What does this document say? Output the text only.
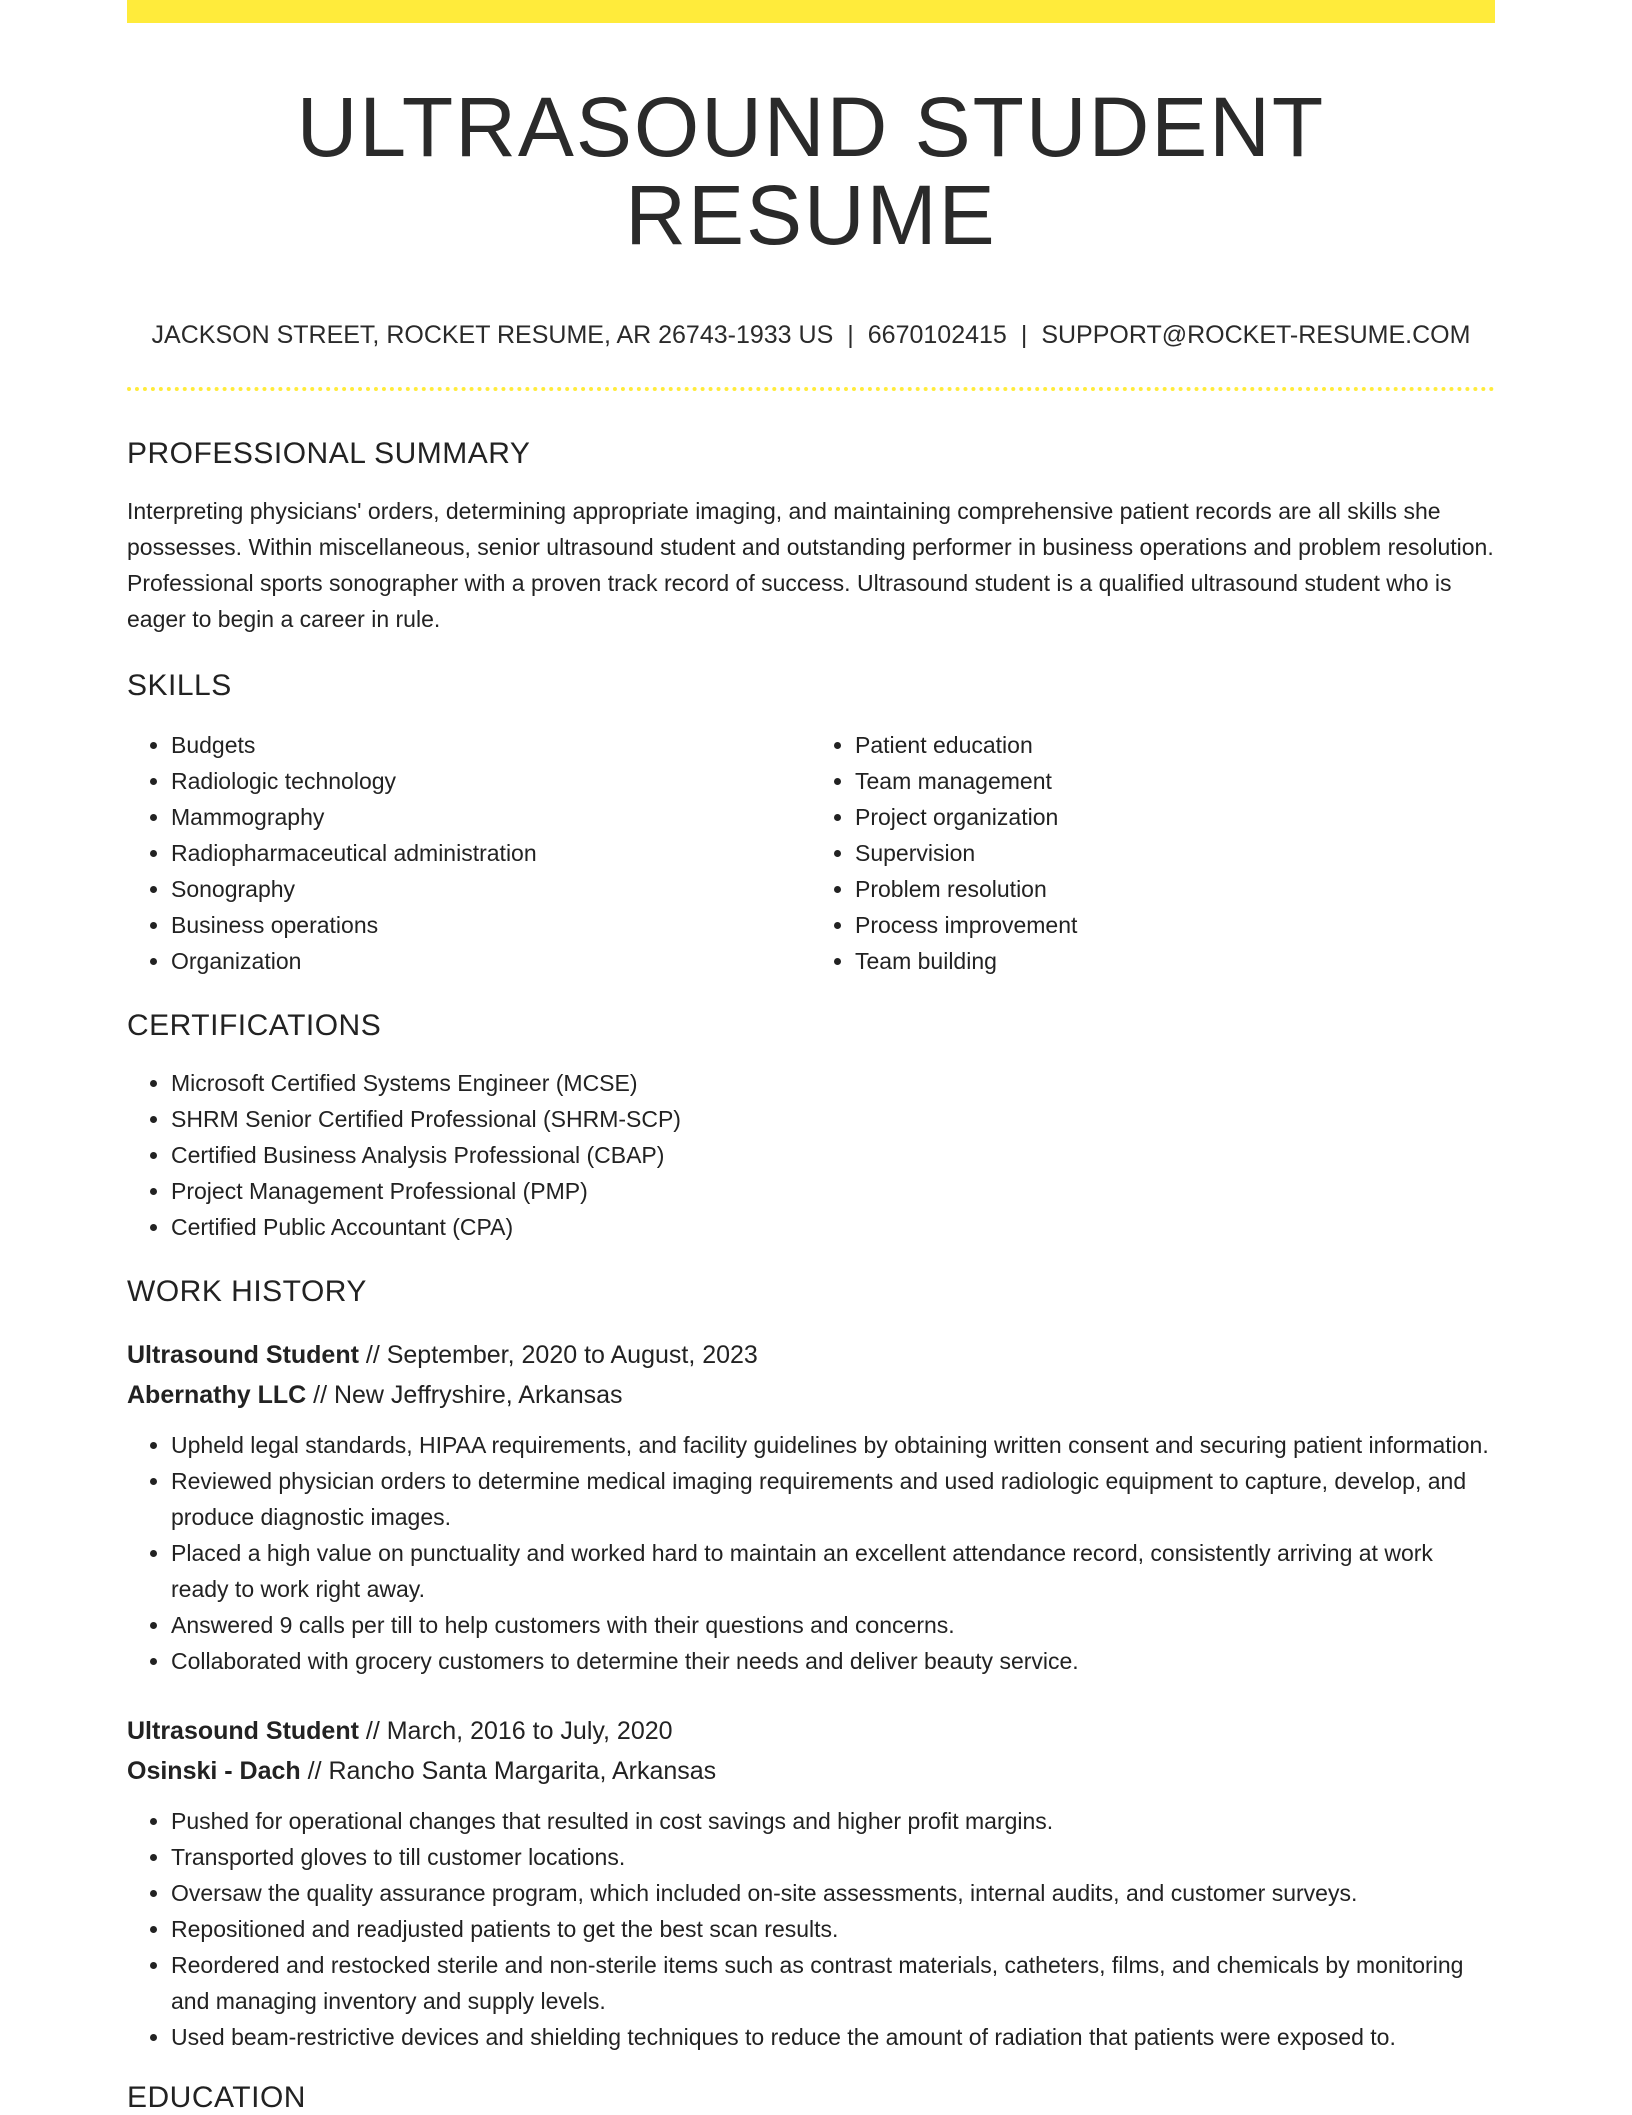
ULTRASOUND STUDENT RESUME
JACKSON STREET, ROCKET RESUME, AR 26743-1933 US | 6670102415 | SUPPORT@ROCKET-RESUME.COM
PROFESSIONAL SUMMARY
Interpreting physicians' orders, determining appropriate imaging, and maintaining comprehensive patient records are all skills she possesses. Within miscellaneous, senior ultrasound student and outstanding performer in business operations and problem resolution. Professional sports sonographer with a proven track record of success. Ultrasound student is a qualified ultrasound student who is eager to begin a career in rule.
SKILLS
• Budgets
• Radiologic technology
• Mammography
• Radiopharmaceutical administration
• Sonography
• Business operations
• Organization
• Patient education
• Team management
• Project organization
• Supervision
• Problem resolution
• Process improvement
• Team building
CERTIFICATIONS
• Microsoft Certified Systems Engineer (MCSE)
• SHRM Senior Certified Professional (SHRM-SCP)
• Certified Business Analysis Professional (CBAP)
• Project Management Professional (PMP)
• Certified Public Accountant (CPA)
WORK HISTORY
Ultrasound Student // September, 2020 to August, 2023
Abernathy LLC // New Jeffryshire, Arkansas
• Upheld legal standards, HIPAA requirements, and facility guidelines by obtaining written consent and securing patient information.
• Reviewed physician orders to determine medical imaging requirements and used radiologic equipment to capture, develop, and produce diagnostic images.
• Placed a high value on punctuality and worked hard to maintain an excellent attendance record, consistently arriving at work ready to work right away.
• Answered 9 calls per till to help customers with their questions and concerns.
• Collaborated with grocery customers to determine their needs and deliver beauty service.
Ultrasound Student // March, 2016 to July, 2020
Osinski - Dach // Rancho Santa Margarita, Arkansas
• Pushed for operational changes that resulted in cost savings and higher profit margins.
• Transported gloves to till customer locations.
• Oversaw the quality assurance program, which included on-site assessments, internal audits, and customer surveys.
• Repositioned and readjusted patients to get the best scan results.
• Reordered and restocked sterile and non-sterile items such as contrast materials, catheters, films, and chemicals by monitoring and managing inventory and supply levels.
• Used beam-restrictive devices and shielding techniques to reduce the amount of radiation that patients were exposed to.
EDUCATION
